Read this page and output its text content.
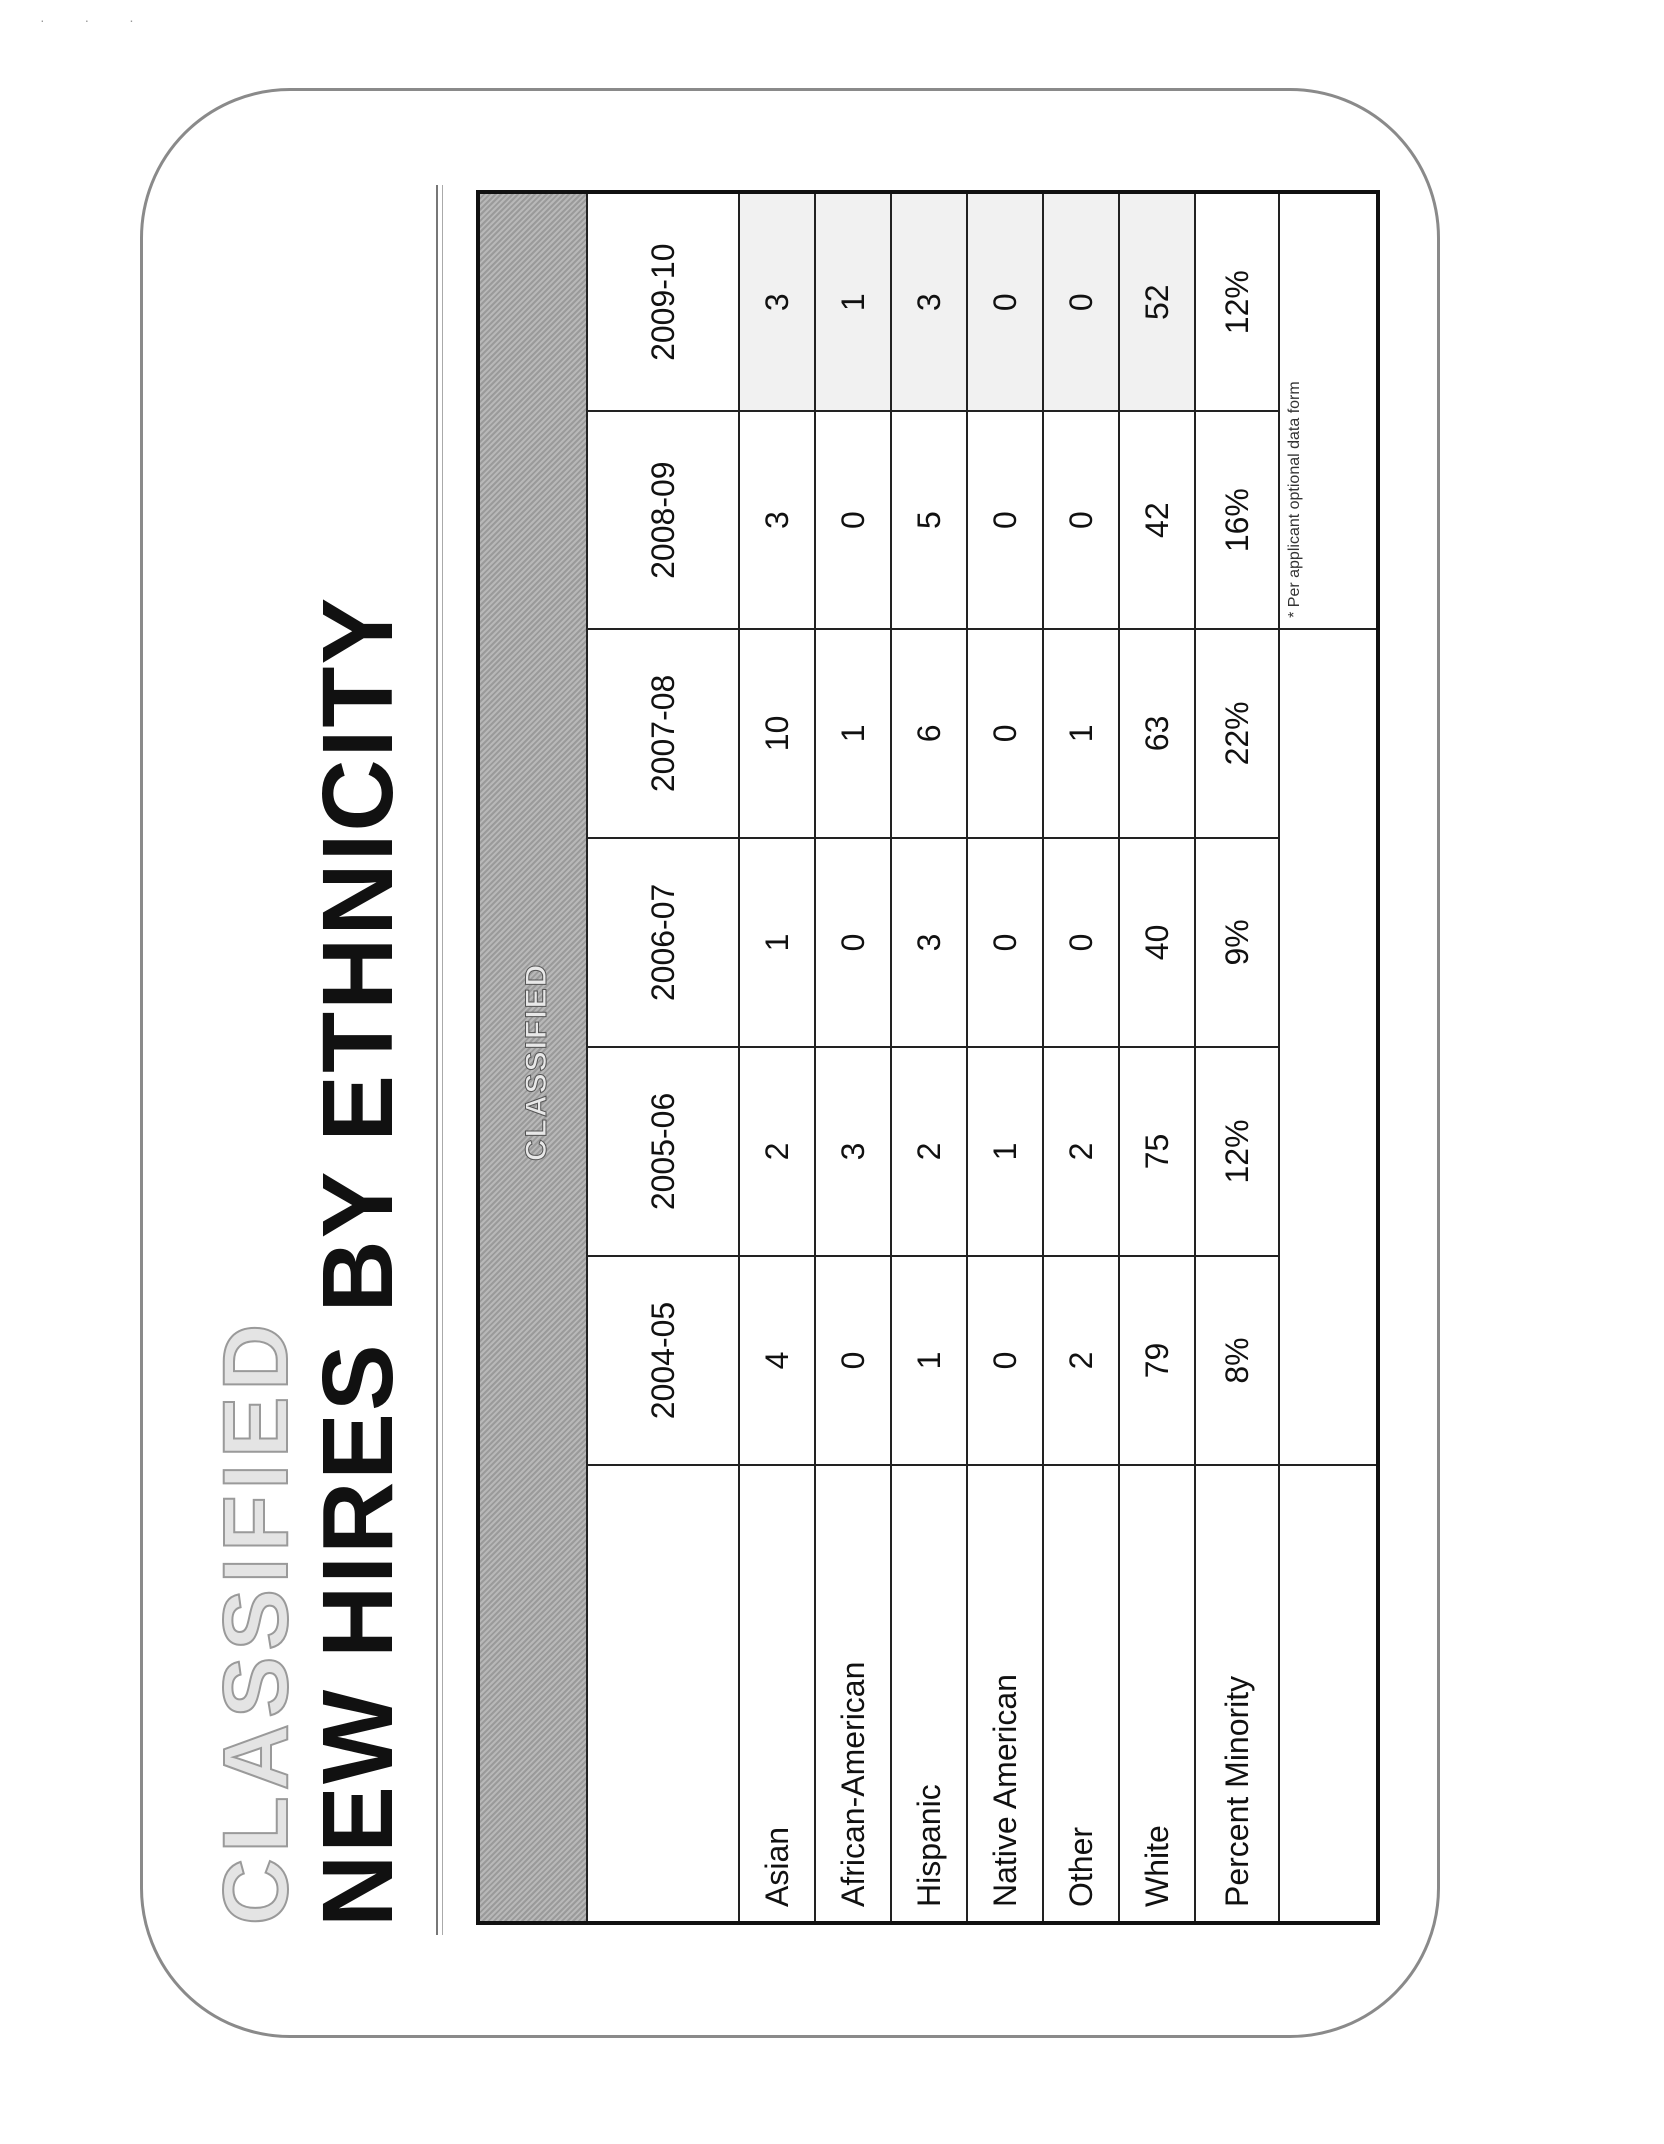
· · ·
CLASSIFIED
NEW HIRES BY ETHNICITY	CLASSIFIED						

	2004-05	2005-06	2006-07	2007-08	2008-09	2009-10
Asian	4	2	1	10	3	3
African-American	0	3	0	1	0	1
Hispanic	1	2	3	6	5	3
Native American	0	1	0	0	0	0
Other	2	2	0	1	0	0
White	79	75	40	63	42	52
Percent Minority	8%	12%	9%	22%	16%	12%
					* Per applicant optional data form	
